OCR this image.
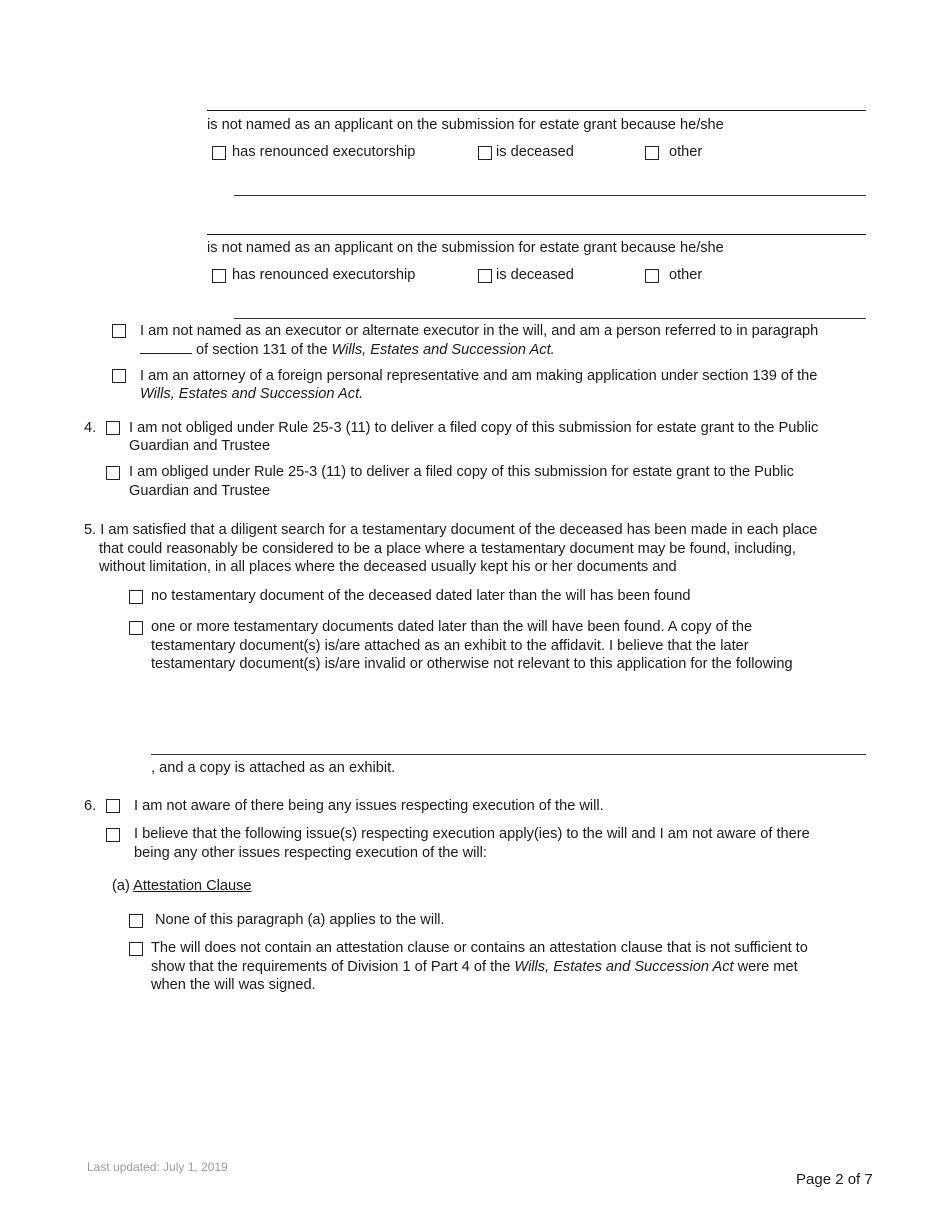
is not named as an applicant on the submission for estate grant because he/she
has renounced executorship	is deceased	other
is not named as an applicant on the submission for estate grant because he/she
has renounced executorship	is deceased	other
I am not named as an executor or alternate executor in the will, and am a person referred to in paragraph
of section 131 of the Wills, Estates and Succession Act.
I am an attorney of a foreign personal representative and am making application under section 139 of the
Wills, Estates and Succession Act.
4. I am not obliged under Rule 25-3 (11) to deliver a filed copy of this submission for estate grant to the Public
Guardian and Trustee
I am obliged under Rule 25-3 (11) to deliver a filed copy of this submission for estate grant to the Public
Guardian and Trustee
5. I am satisfied that a diligent search for a testamentary document of the deceased has been made in each place
that could reasonably be considered to be a place where a testamentary document may be found, including,
without limitation, in all places where the deceased usually kept his or her documents and
no testamentary document of the deceased dated later than the will has been found
one or more testamentary documents dated later than the will have been found. A copy of the
testamentary document(s) is/are attached as an exhibit to the affidavit. I believe that the later
testamentary document(s) is/are invalid or otherwise not relevant to this application for the following
, and a copy is attached as an exhibit.
6.	I am not aware of there being any issues respecting execution of the will.
I believe that the following issue(s) respecting execution apply(ies) to the will and I am not aware of there
being any other issues respecting execution of the will:
(a) Attestation Clause
None of this paragraph (a) applies to the will.
The will does not contain an attestation clause or contains an attestation clause that is not sufficient to
show that the requirements of Division 1 of Part 4 of the Wills, Estates and Succession Act were met
when the will was signed.
Last updated: July 1, 2019
Page 2 of 7
